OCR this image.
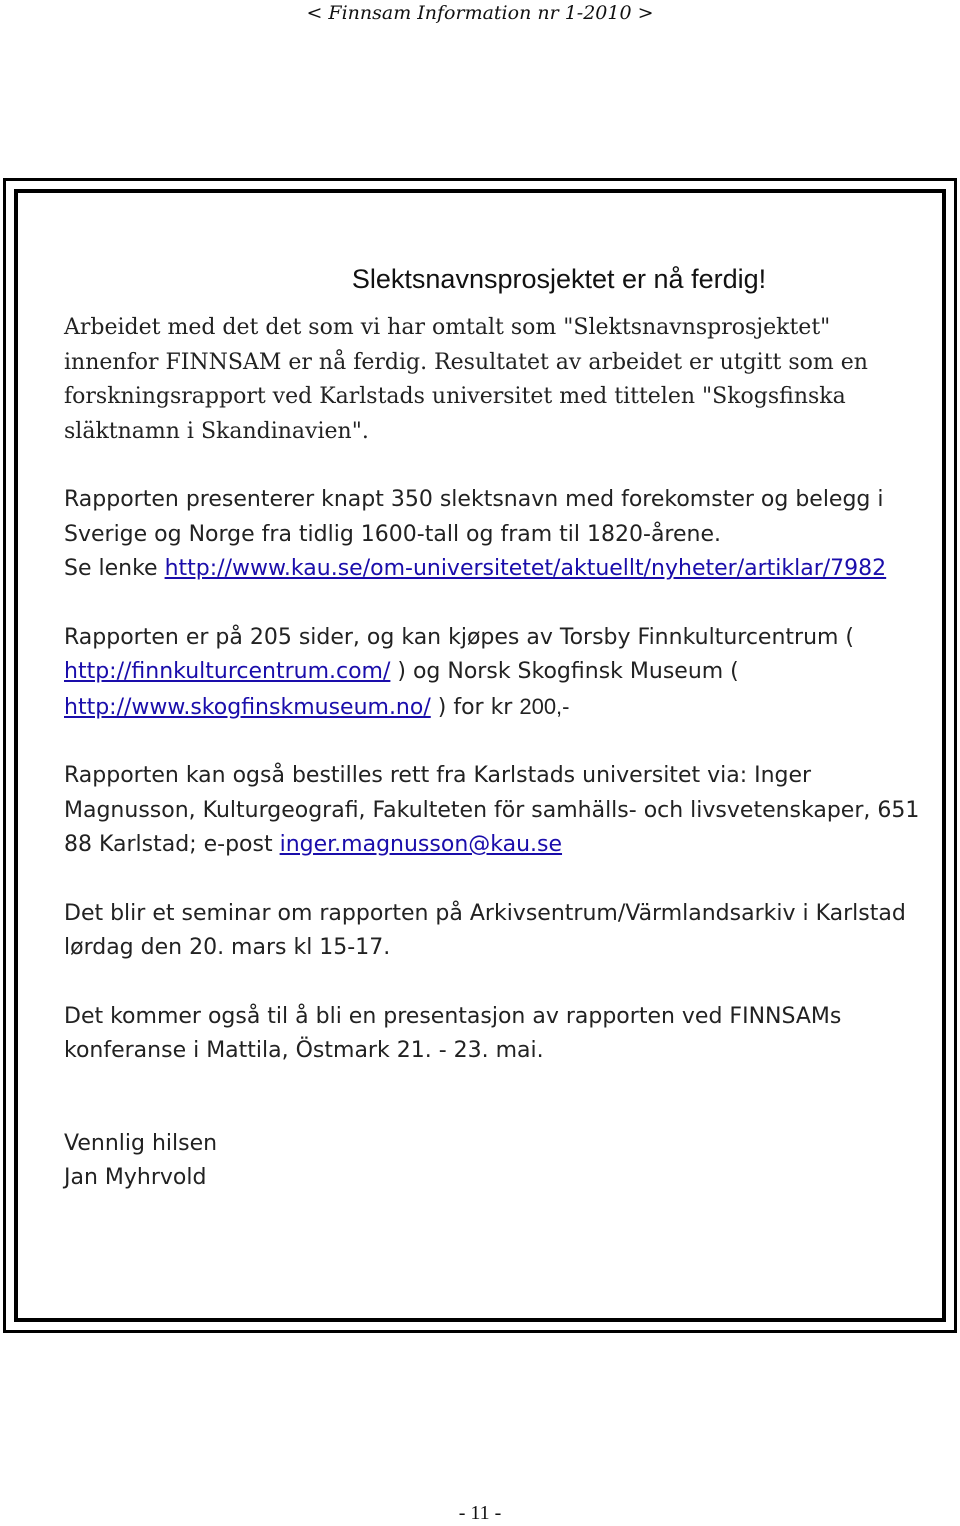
< Finnsam Information nr 1-2010 >
Slektsnavnsprosjektet er nå ferdig!

Arbeidet med det det som vi har omtalt som "Slektsnavnsprosjektet" innenfor FINNSAM er nå ferdig. Resultatet av arbeidet er utgitt som en forskningsrapport ved Karlstads universitet med tittelen "Skogsfinska släktnamn i Skandinavien".

Rapporten presenterer knapt 350 slektsnavn med forekomster og belegg i Sverige og Norge fra tidlig 1600-tall og fram til 1820-årene.

Se lenke http://www.kau.se/om-universitetet/aktuellt/nyheter/artiklar/7982

Rapporten er på 205 sider, og kan kjøpes av Torsby Finnkulturcentrum ( http://finnkulturcentrum.com/ ) og Norsk Skogfinsk Museum ( http://www.skogfinskmuseum.no/ ) for kr 200,-

Rapporten kan også bestilles rett fra Karlstads universitet via: Inger Magnusson, Kulturgeografi, Fakulteten för samhälls- och livsvetenskaper, 651 88 Karlstad; e-post inger.magnusson@kau.se

Det blir et seminar om rapporten på Arkivsentrum/Värmlandsarkiv i Karlstad lørdag den 20. mars kl 15-17.

Det kommer også til å bli en presentasjon av rapporten ved FINNSAMs konferanse i Mattila, Östmark 21. - 23. mai.

Vennlig hilsen
Jan Myhrvold
- 11 -
